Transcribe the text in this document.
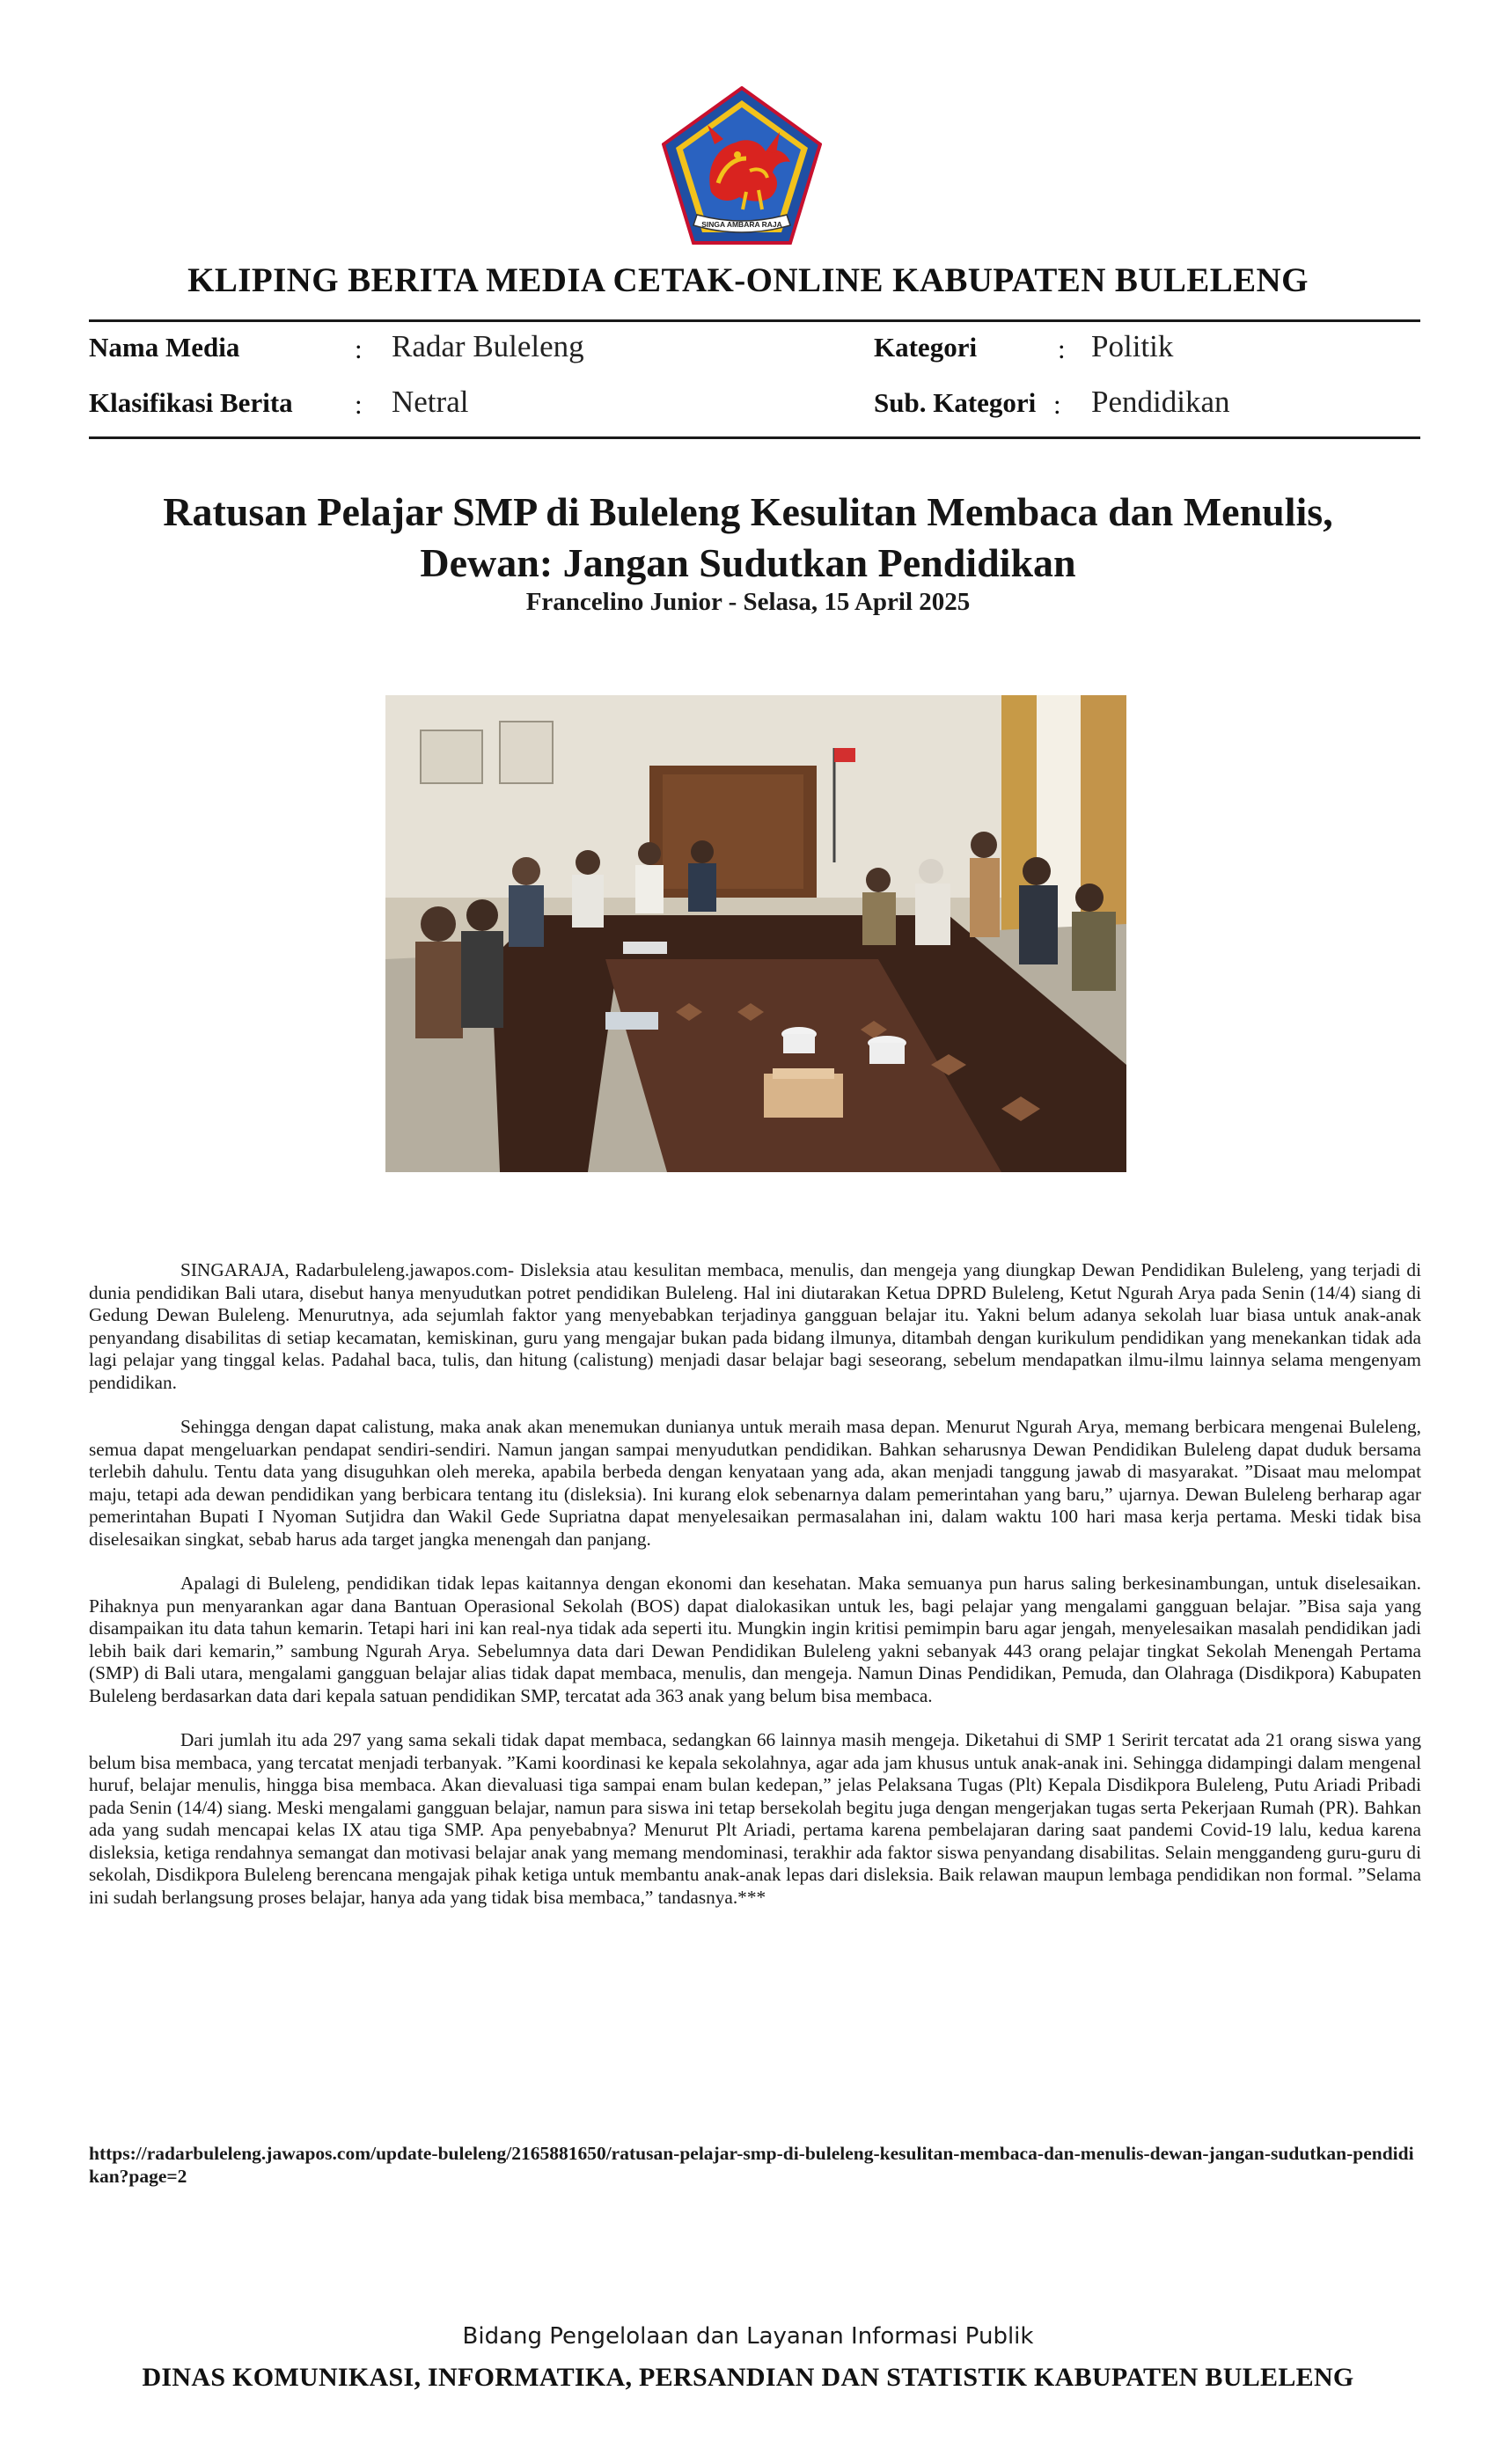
SINGA AMBARA RAJA
KLIPING BERITA MEDIA CETAK-ONLINE KABUPATEN BULELENG
Nama Media	: Radar Buleleng	Kategori	: Politik
Klasifikasi Berita : Netral	Sub. Kategori : Pendidikan
Ratusan Pelajar SMP di Buleleng Kesulitan Membaca dan Menulis,
Dewan: Jangan Sudutkan Pendidikan
Francelino Junior - Selasa, 15 April 2025

SINGARAJA, Radarbuleleng.jawapos.com- Disleksia atau kesulitan membaca, menulis, dan mengeja yang diungkap Dewan Pendidikan Buleleng, yang terjadi di dunia pendidikan Bali utara, disebut hanya menyudutkan potret pendidikan Buleleng. Hal ini diutarakan Ketua DPRD Buleleng, Ketut Ngurah Arya pada Senin (14/4) siang di Gedung Dewan Buleleng. Menurutnya, ada sejumlah faktor yang menyebabkan terjadinya gangguan belajar itu. Yakni belum adanya sekolah luar biasa untuk anak-anak penyandang disabilitas di setiap kecamatan, kemiskinan, guru yang mengajar bukan pada bidang ilmunya, ditambah dengan kurikulum pendidikan yang menekankan tidak ada lagi pelajar yang tinggal kelas. Padahal baca, tulis, dan hitung (calistung) menjadi dasar belajar bagi seseorang, sebelum mendapatkan ilmu-ilmu lainnya selama mengenyam pendidikan.

Sehingga dengan dapat calistung, maka anak akan menemukan dunianya untuk meraih masa depan. Menurut Ngurah Arya, memang berbicara mengenai Buleleng, semua dapat mengeluarkan pendapat sendiri-sendiri. Namun jangan sampai menyudutkan pendidikan. Bahkan seharusnya Dewan Pendidikan Buleleng dapat duduk bersama terlebih dahulu. Tentu data yang disuguhkan oleh mereka, apabila berbeda dengan kenyataan yang ada, akan menjadi tanggung jawab di masyarakat. ”Disaat mau melompat maju, tetapi ada dewan pendidikan yang berbicara tentang itu (disleksia). Ini kurang elok sebenarnya dalam pemerintahan yang baru,” ujarnya. Dewan Buleleng berharap agar pemerintahan Bupati I Nyoman Sutjidra dan Wakil Gede Supriatna dapat menyelesaikan permasalahan ini, dalam waktu 100 hari masa kerja pertama. Meski tidak bisa diselesaikan singkat, sebab harus ada target jangka menengah dan panjang.

Apalagi di Buleleng, pendidikan tidak lepas kaitannya dengan ekonomi dan kesehatan. Maka semuanya pun harus saling berkesinambungan, untuk diselesaikan. Pihaknya pun menyarankan agar dana Bantuan Operasional Sekolah (BOS) dapat dialokasikan untuk les, bagi pelajar yang mengalami gangguan belajar. ”Bisa saja yang disampaikan itu data tahun kemarin. Tetapi hari ini kan real-nya tidak ada seperti itu. Mungkin ingin kritisi pemimpin baru agar jengah, menyelesaikan masalah pendidikan jadi lebih baik dari kemarin,” sambung Ngurah Arya. Sebelumnya data dari Dewan Pendidikan Buleleng yakni sebanyak 443 orang pelajar tingkat Sekolah Menengah Pertama (SMP) di Bali utara, mengalami gangguan belajar alias tidak dapat membaca, menulis, dan mengeja. Namun Dinas Pendidikan, Pemuda, dan Olahraga (Disdikpora) Kabupaten Buleleng berdasarkan data dari kepala satuan pendidikan SMP, tercatat ada 363 anak yang belum bisa membaca.

Dari jumlah itu ada 297 yang sama sekali tidak dapat membaca, sedangkan 66 lainnya masih mengeja. Diketahui di SMP 1 Seririt tercatat ada 21 orang siswa yang belum bisa membaca, yang tercatat menjadi terbanyak. ”Kami koordinasi ke kepala sekolahnya, agar ada jam khusus untuk anak-anak ini. Sehingga didampingi dalam mengenal huruf, belajar menulis, hingga bisa membaca. Akan dievaluasi tiga sampai enam bulan kedepan,” jelas Pelaksana Tugas (Plt) Kepala Disdikpora Buleleng, Putu Ariadi Pribadi pada Senin (14/4) siang. Meski mengalami gangguan belajar, namun para siswa ini tetap bersekolah begitu juga dengan mengerjakan tugas serta Pekerjaan Rumah (PR). Bahkan ada yang sudah mencapai kelas IX atau tiga SMP. Apa penyebabnya? Menurut Plt Ariadi, pertama karena pembelajaran daring saat pandemi Covid-19 lalu, kedua karena disleksia, ketiga rendahnya semangat dan motivasi belajar anak yang memang mendominasi, terakhir ada faktor siswa penyandang disabilitas. Selain menggandeng guru-guru di sekolah, Disdikpora Buleleng berencana mengajak pihak ketiga untuk membantu anak-anak lepas dari disleksia. Baik relawan maupun lembaga pendidikan non formal. ”Selama ini sudah berlangsung proses belajar, hanya ada yang tidak bisa membaca,” tandasnya.***

https://radarbuleleng.jawapos.com/update-buleleng/2165881650/ratusan-pelajar-smp-di-buleleng-kesulitan-membaca-dan-menulis-dewan-jangan-sudutkan-pendidikan?page=2
Bidang Pengelolaan dan Layanan Informasi Publik
DINAS KOMUNIKASI, INFORMATIKA, PERSANDIAN DAN STATISTIK KABUPATEN BULELENG
